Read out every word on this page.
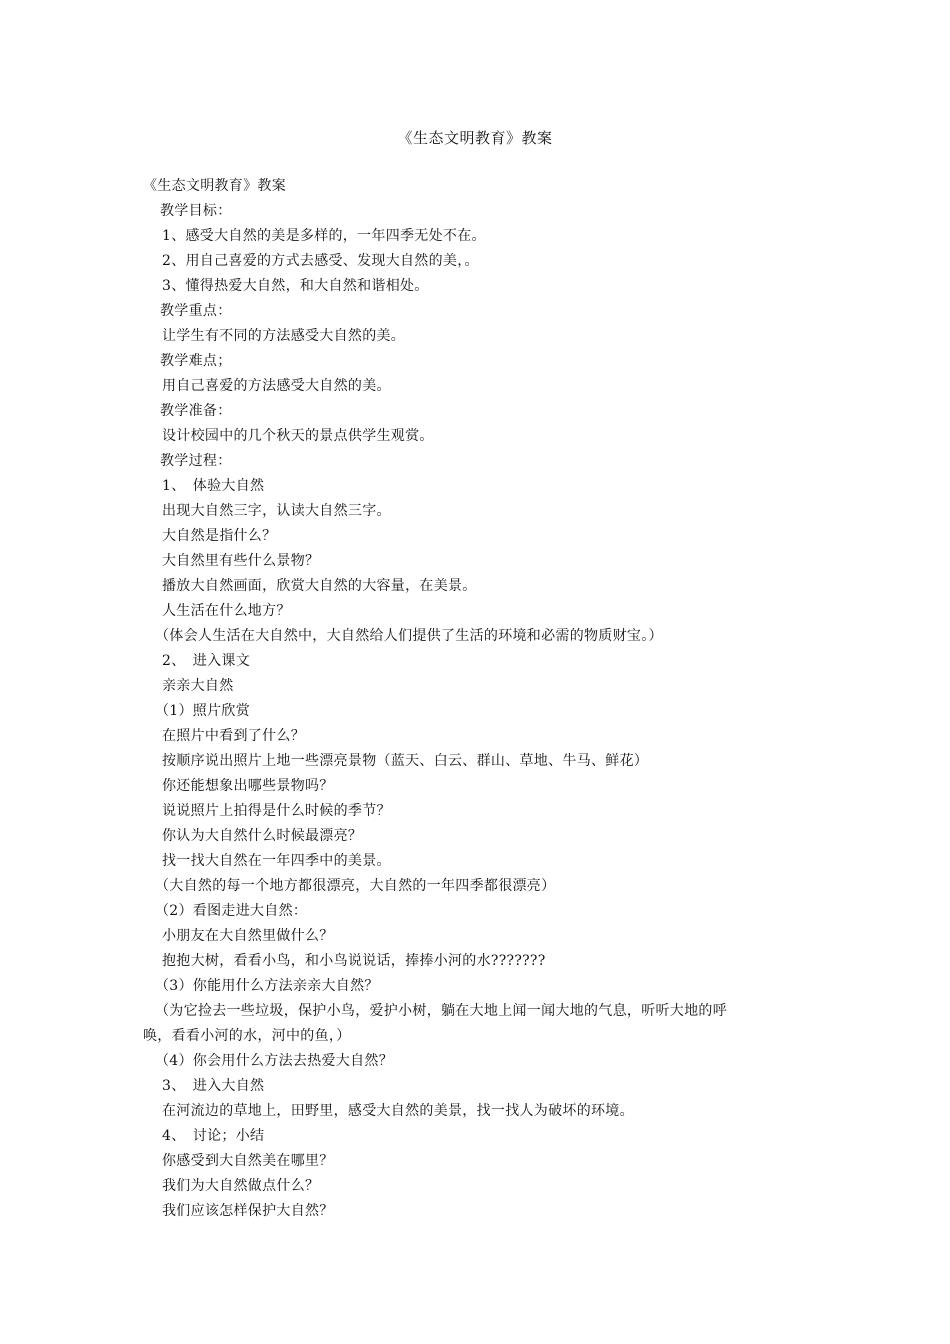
《生态文明教育》教案
《生态文明教育》教案
教学目标：
1、感受大自然的美是多样的，一年四季无处不在。
2、用自己喜爱的方式去感受、发现大自然的美，。
3、懂得热爱大自然，和大自然和谐相处。
教学重点：
让学生有不同的方法感受大自然的美。
教学难点；
用自己喜爱的方法感受大自然的美。
教学准备：
设计校园中的几个秋天的景点供学生观赏。
教学过程：
1、　体验大自然
出现大自然三字，认读大自然三字。
大自然是指什么？
大自然里有些什么景物？
播放大自然画面，欣赏大自然的大容量，在美景。
人生活在什么地方？
（体会人生活在大自然中，大自然给人们提供了生活的环境和必需的物质财宝。）
2、　进入课文
亲亲大自然
（1）照片欣赏
在照片中看到了什么？
按顺序说出照片上地一些漂亮景物（蓝天、白云、群山、草地、牛马、鲜花）
你还能想象出哪些景物吗？
说说照片上拍得是什么时候的季节？
你认为大自然什么时候最漂亮？
找一找大自然在一年四季中的美景。
（大自然的每一个地方都很漂亮，大自然的一年四季都很漂亮）
（2）看图走进大自然：
小朋友在大自然里做什么？
抱抱大树，看看小鸟，和小鸟说说话，捧捧小河的水???????
（3）你能用什么方法亲亲大自然？
（为它捡去一些垃圾，保护小鸟，爱护小树，躺在大地上闻一闻大地的气息，听听大地的呼
唤，看看小河的水，河中的鱼，）
（4）你会用什么方法去热爱大自然？
3、　进入大自然
在河流边的草地上，田野里，感受大自然的美景，找一找人为破坏的环境。
4、　讨论；小结
你感受到大自然美在哪里？
我们为大自然做点什么？
我们应该怎样保护大自然？
